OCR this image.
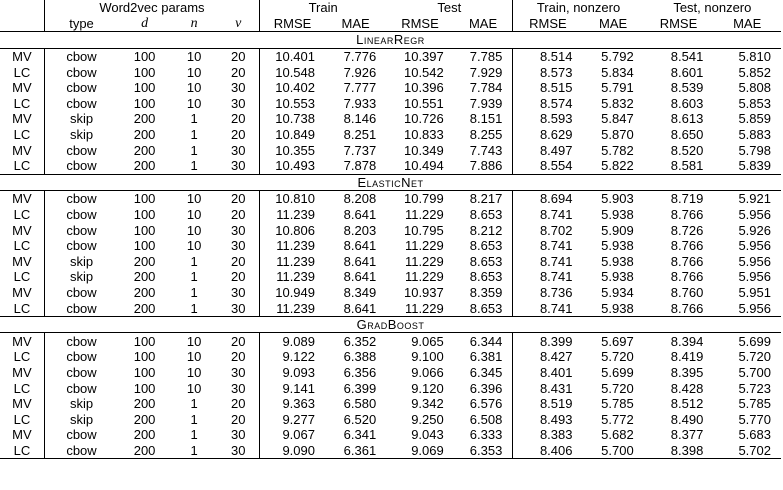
	Word2vec params				Train		Test		Train, nonzero		Test, nonzero	
	type	d	n	v	RMSE	MAE	RMSE	MAE	RMSE	MAE	RMSE	MAE
LinearRegr												
MV	cbow	100	10	20	10.401	7.776	10.397	7.785	8.514	5.792	8.541	5.810
LC	cbow	100	10	20	10.548	7.926	10.542	7.929	8.573	5.834	8.601	5.852
MV	cbow	100	10	30	10.402	7.777	10.396	7.784	8.515	5.791	8.539	5.808
LC	cbow	100	10	30	10.553	7.933	10.551	7.939	8.574	5.832	8.603	5.853
MV	skip	200	1	20	10.738	8.146	10.726	8.151	8.593	5.847	8.613	5.859
LC	skip	200	1	20	10.849	8.251	10.833	8.255	8.629	5.870	8.650	5.883
MV	cbow	200	1	30	10.355	7.737	10.349	7.743	8.497	5.782	8.520	5.798
LC	cbow	200	1	30	10.493	7.878	10.494	7.886	8.554	5.822	8.581	5.839
ElasticNet												
MV	cbow	100	10	20	10.810	8.208	10.799	8.217	8.694	5.903	8.719	5.921
LC	cbow	100	10	20	11.239	8.641	11.229	8.653	8.741	5.938	8.766	5.956
MV	cbow	100	10	30	10.806	8.203	10.795	8.212	8.702	5.909	8.726	5.926
LC	cbow	100	10	30	11.239	8.641	11.229	8.653	8.741	5.938	8.766	5.956
MV	skip	200	1	20	11.239	8.641	11.229	8.653	8.741	5.938	8.766	5.956
LC	skip	200	1	20	11.239	8.641	11.229	8.653	8.741	5.938	8.766	5.956
MV	cbow	200	1	30	10.949	8.349	10.937	8.359	8.736	5.934	8.760	5.951
LC	cbow	200	1	30	11.239	8.641	11.229	8.653	8.741	5.938	8.766	5.956
GradBoost												
MV	cbow	100	10	20	9.089	6.352	9.065	6.344	8.399	5.697	8.394	5.699
LC	cbow	100	10	20	9.122	6.388	9.100	6.381	8.427	5.720	8.419	5.720
MV	cbow	100	10	30	9.093	6.356	9.066	6.345	8.401	5.699	8.395	5.700
LC	cbow	100	10	30	9.141	6.399	9.120	6.396	8.431	5.720	8.428	5.723
MV	skip	200	1	20	9.363	6.580	9.342	6.576	8.519	5.785	8.512	5.785
LC	skip	200	1	20	9.277	6.520	9.250	6.508	8.493	5.772	8.490	5.770
MV	cbow	200	1	30	9.067	6.341	9.043	6.333	8.383	5.682	8.377	5.683
LC	cbow	200	1	30	9.090	6.361	9.069	6.353	8.406	5.700	8.398	5.702
